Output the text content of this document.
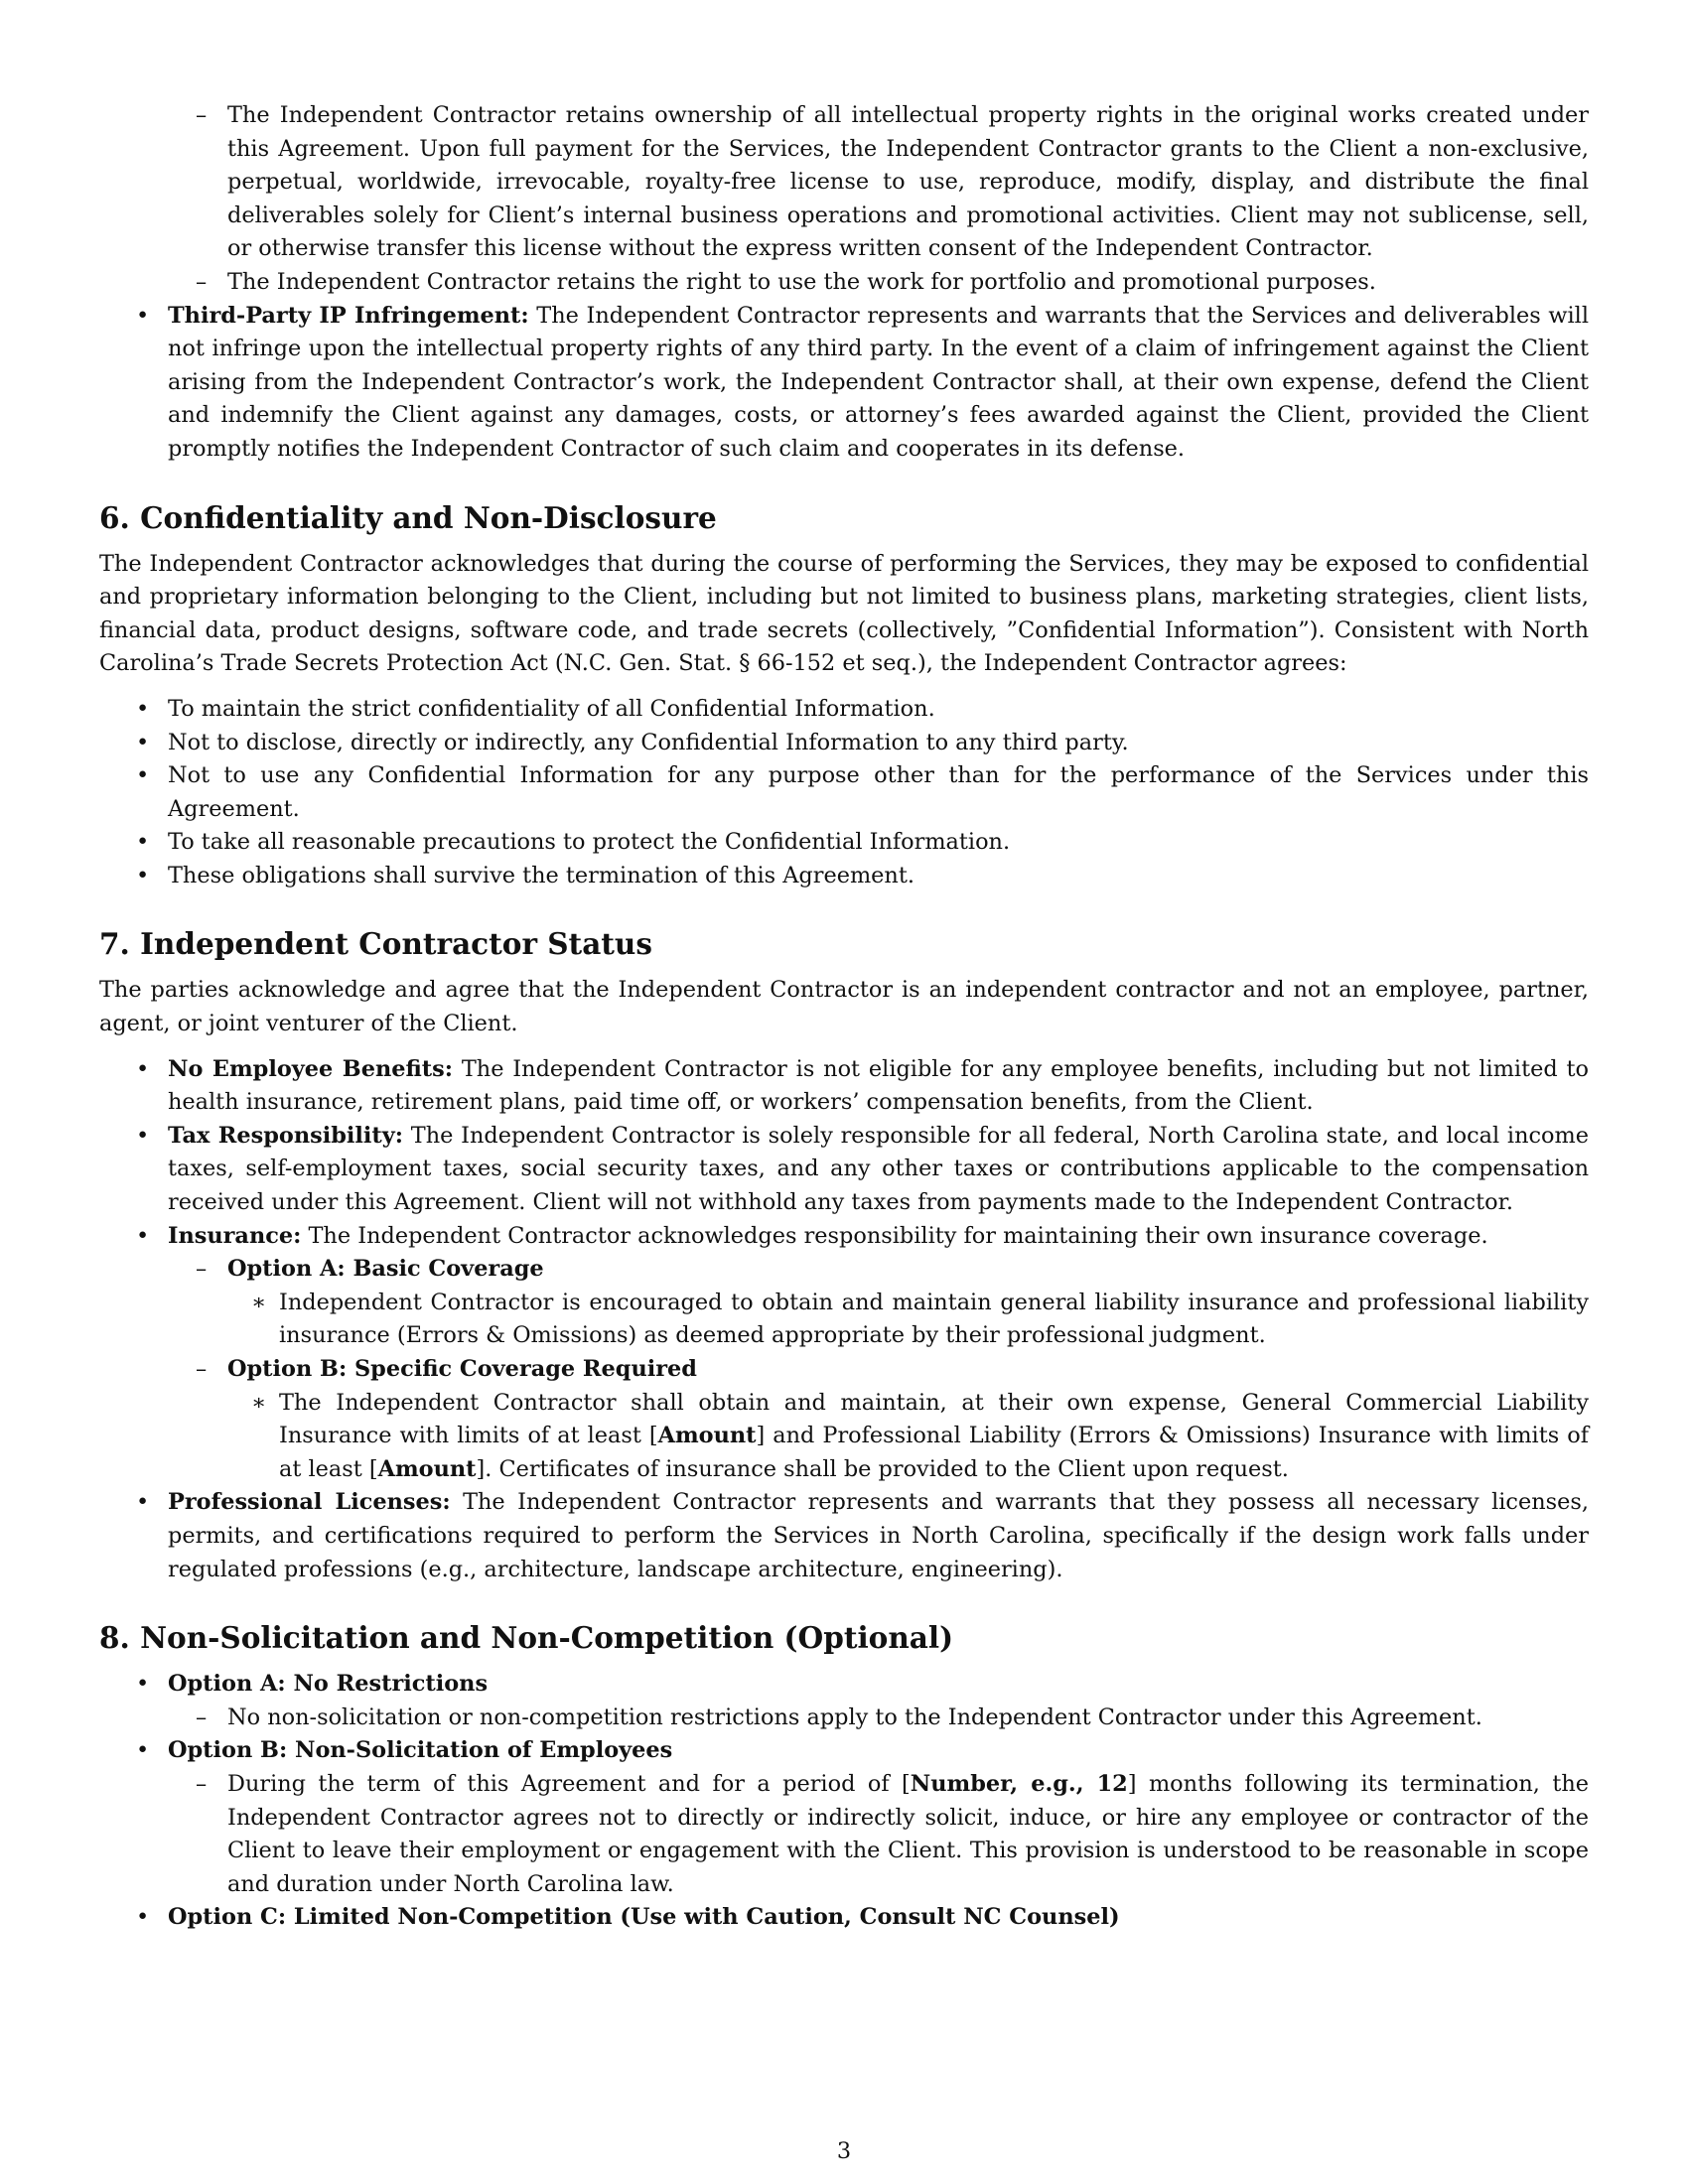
– The Independent Contractor retains ownership of all intellectual property rights in the original works created under this Agreement. Upon full payment for the Services, the Independent Contractor grants to the Client a non-exclusive, perpetual, worldwide, irrevocable, royalty-free license to use, reproduce, modify, display, and distribute the final deliverables solely for Client’s internal business operations and promotional activities. Client may not sublicense, sell, or otherwise transfer this license without the express written consent of the Independent Contractor.
– The Independent Contractor retains the right to use the work for portfolio and promotional purposes.
• Third-Party IP Infringement: The Independent Contractor represents and warrants that the Services and deliverables will not infringe upon the intellectual property rights of any third party. In the event of a claim of infringement against the Client arising from the Independent Contractor’s work, the Independent Contractor shall, at their own expense, defend the Client and indemnify the Client against any damages, costs, or attorney’s fees awarded against the Client, provided the Client promptly notifies the Independent Contractor of such claim and cooperates in its defense.
6. Confidentiality and Non-Disclosure

The Independent Contractor acknowledges that during the course of performing the Services, they may be exposed to confidential and proprietary information belonging to the Client, including but not limited to business plans, marketing strategies, client lists, financial data, product designs, software code, and trade secrets (collectively, ”Confidential Information”). Consistent with North Carolina’s Trade Secrets Protection Act (N.C. Gen. Stat. § 66-152 et seq.), the Independent Contractor agrees:

• To maintain the strict confidentiality of all Confidential Information.
• Not to disclose, directly or indirectly, any Confidential Information to any third party.
• Not to use any Confidential Information for any purpose other than for the performance of the Services under this Agreement.
• To take all reasonable precautions to protect the Confidential Information.
• These obligations shall survive the termination of this Agreement.
7. Independent Contractor Status

The parties acknowledge and agree that the Independent Contractor is an independent contractor and not an employee, partner, agent, or joint venturer of the Client.

• No Employee Benefits: The Independent Contractor is not eligible for any employee benefits, including but not limited to health insurance, retirement plans, paid time off, or workers’ compensation benefits, from the Client.
• Tax Responsibility: The Independent Contractor is solely responsible for all federal, North Carolina state, and local income taxes, self-employment taxes, social security taxes, and any other taxes or contributions applicable to the compensation received under this Agreement. Client will not withhold any taxes from payments made to the Independent Contractor.
• Insurance: The Independent Contractor acknowledges responsibility for maintaining their own insurance coverage.
– Option A: Basic Coverage
∗ Independent Contractor is encouraged to obtain and maintain general liability insurance and professional liability insurance (Errors & Omissions) as deemed appropriate by their professional judgment.
– Option B: Specific Coverage Required
∗ The Independent Contractor shall obtain and maintain, at their own expense, General Commercial Liability Insurance with limits of at least [Amount] and Professional Liability (Errors & Omissions) Insurance with limits of at least [Amount]. Certificates of insurance shall be provided to the Client upon request.
• Professional Licenses: The Independent Contractor represents and warrants that they possess all necessary licenses, permits, and certifications required to perform the Services in North Carolina, specifically if the design work falls under regulated professions (e.g., architecture, landscape architecture, engineering).
8. Non-Solicitation and Non-Competition (Optional)
• Option A: No Restrictions
– No non-solicitation or non-competition restrictions apply to the Independent Contractor under this Agreement.
• Option B: Non-Solicitation of Employees
– During the term of this Agreement and for a period of [Number, e.g., 12] months following its termination, the Independent Contractor agrees not to directly or indirectly solicit, induce, or hire any employee or contractor of the Client to leave their employment or engagement with the Client. This provision is understood to be reasonable in scope and duration under North Carolina law.
• Option C: Limited Non-Competition (Use with Caution, Consult NC Counsel)
3
